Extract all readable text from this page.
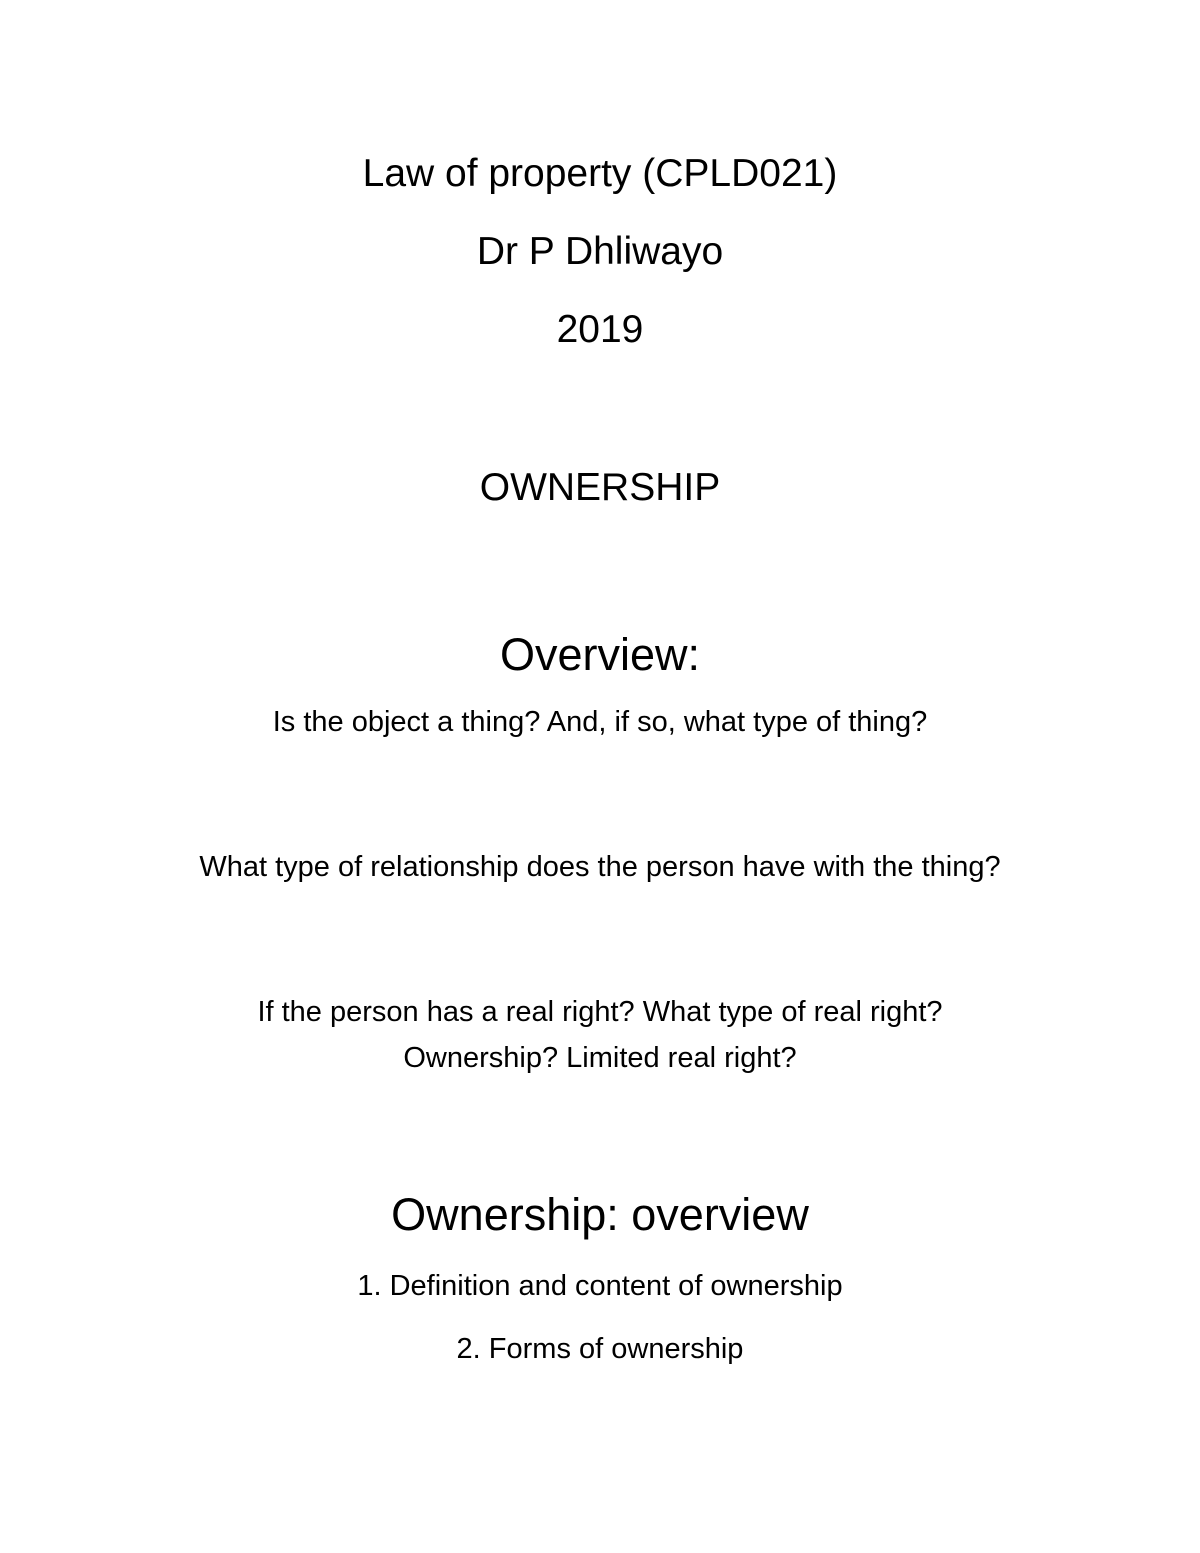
Law of property (CPLD021)
Dr P Dhliwayo
2019
OWNERSHIP
Overview:
Is the object a thing? And, if so, what type of thing?
What type of relationship does the person have with the thing?
If the person has a real right? What type of real right?
Ownership? Limited real right?
Ownership: overview
1. Definition and content of ownership
2. Forms of ownership
